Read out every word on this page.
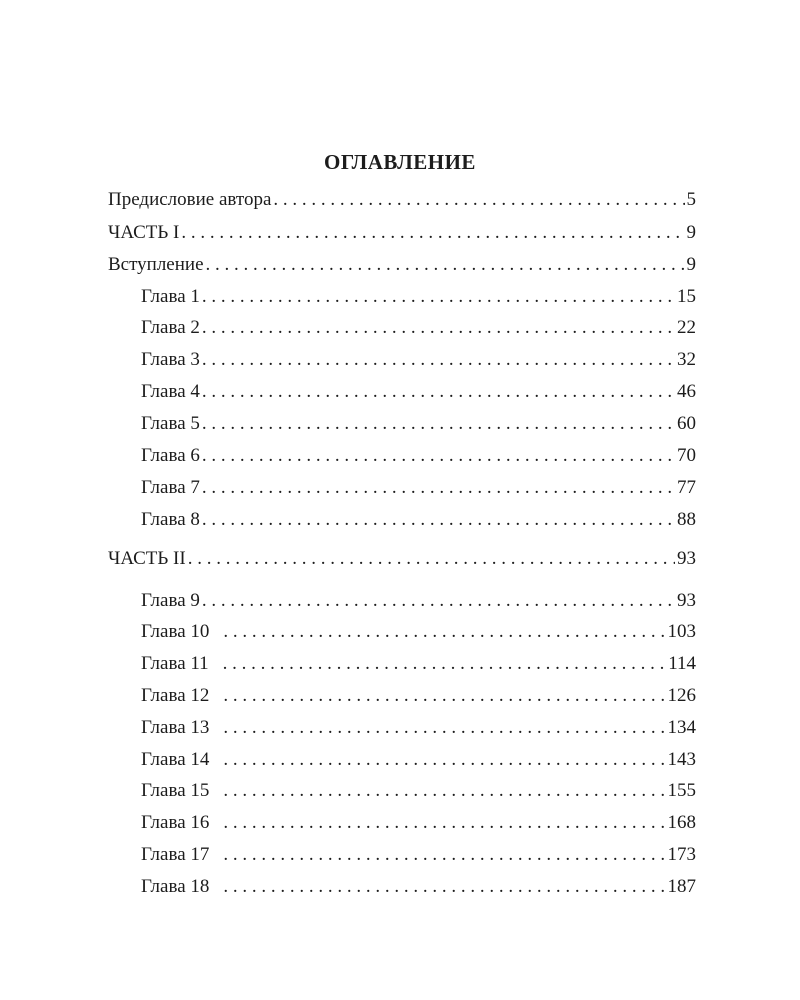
ОГЛАВЛЕНИЕ
Предисловие автора . . .	5
ЧАСТЬ I . . .	9
Вступление . . .	9
Глава 1 . . .	15
Глава 2 . . .	22
Глава 3 . . .	32
Глава 4 . . .	46
Глава 5 . . .	60
Глава 6 . . .	70
Глава 7 . . .	77
Глава 8 . . .	88
ЧАСТЬ II . . .	93
Глава 9 . . .	93
Глава 10 . . .	103
Глава 11 . . .	114
Глава 12 . . .	126
Глава 13 . . .	134
Глава 14 . . .	143
Глава 15 . . .	155
Глава 16 . . .	168
Глава 17 . . .	173
Глава 18 . . .	187
